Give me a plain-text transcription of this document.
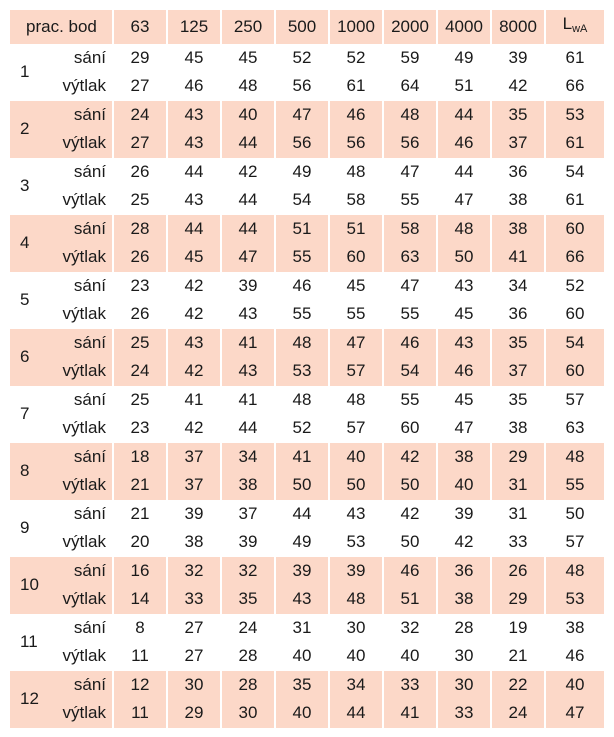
prac. bod		63	125	250	500	1000	2000	4000	8000	LwA
1	sání	29	45	45	52	52	59	49	39	61
	výtlak	27	46	48	56	61	64	51	42	66
2	sání	24	43	40	47	46	48	44	35	53
	výtlak	27	43	44	56	56	56	46	37	61
3	sání	26	44	42	49	48	47	44	36	54
	výtlak	25	43	44	54	58	55	47	38	61
4	sání	28	44	44	51	51	58	48	38	60
	výtlak	26	45	47	55	60	63	50	41	66
5	sání	23	42	39	46	45	47	43	34	52
	výtlak	26	42	43	55	55	55	45	36	60
6	sání	25	43	41	48	47	46	43	35	54
	výtlak	24	42	43	53	57	54	46	37	60
7	sání	25	41	41	48	48	55	45	35	57
	výtlak	23	42	44	52	57	60	47	38	63
8	sání	18	37	34	41	40	42	38	29	48
	výtlak	21	37	38	50	50	50	40	31	55
9	sání	21	39	37	44	43	42	39	31	50
	výtlak	20	38	39	49	53	50	42	33	57
10	sání	16	32	32	39	39	46	36	26	48
	výtlak	14	33	35	43	48	51	38	29	53
11	sání	8	27	24	31	30	32	28	19	38
	výtlak	11	27	28	40	40	40	30	21	46
12	sání	12	30	28	35	34	33	30	22	40
	výtlak	11	29	30	40	44	41	33	24	47
